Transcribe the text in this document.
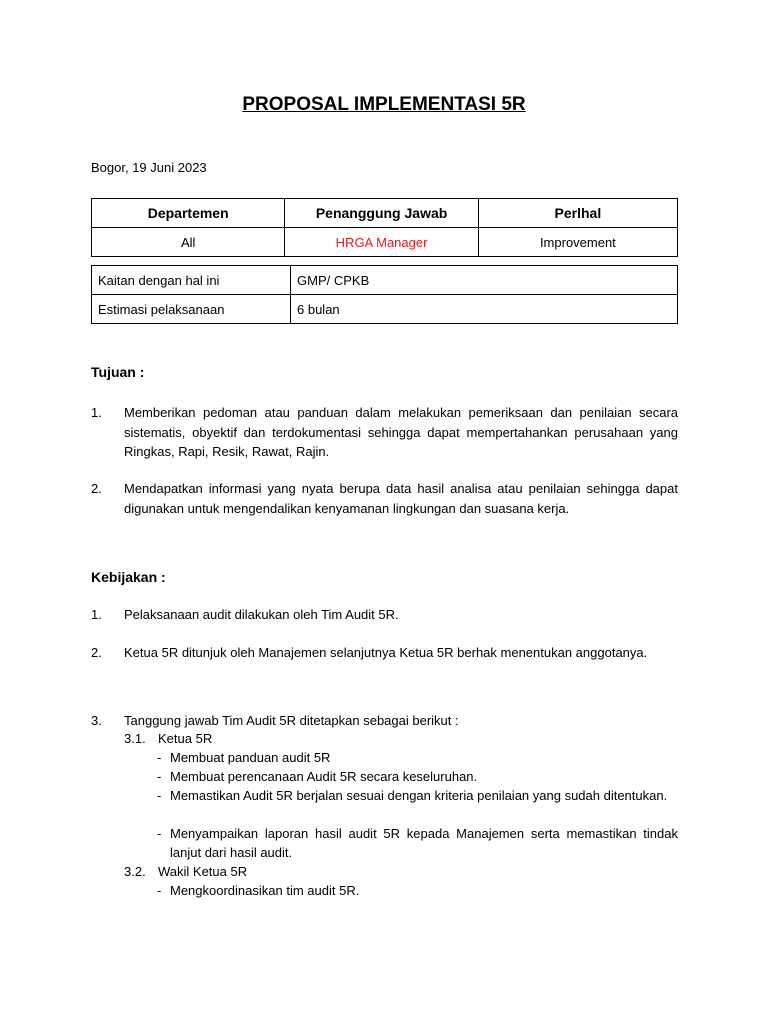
PROPOSAL IMPLEMENTASI 5R
Bogor, 19 Juni 2023
Departemen	Penanggung Jawab	Perlhal
All	HRGA Manager	Improvement
Kaitan dengan hal ini	GMP/ CPKB
Estimasi pelaksanaan	6 bulan
Tujuan :
1. Memberikan pedoman atau panduan dalam melakukan pemeriksaan dan penilaian secara sistematis, obyektif dan terdokumentasi sehingga dapat mempertahankan perusahaan yang Ringkas, Rapi, Resik, Rawat, Rajin.
2. Mendapatkan informasi yang nyata berupa data hasil analisa atau penilaian sehingga dapat digunakan untuk mengendalikan kenyamanan lingkungan dan suasana kerja.
Kebijakan :
1. Pelaksanaan audit dilakukan oleh Tim Audit 5R.
2. Ketua 5R ditunjuk oleh Manajemen selanjutnya Ketua 5R berhak menentukan anggotanya.
3. Tanggung jawab Tim Audit 5R ditetapkan sebagai berikut :
3.1. Ketua 5R
- Membuat panduan audit 5R
- Membuat perencanaan Audit 5R secara keseluruhan.
- Memastikan Audit 5R berjalan sesuai dengan kriteria penilaian yang sudah ditentukan.
- Menyampaikan laporan hasil audit 5R kepada Manajemen serta memastikan tindak lanjut dari hasil audit.
3.2. Wakil Ketua 5R
- Mengkoordinasikan tim audit 5R.
